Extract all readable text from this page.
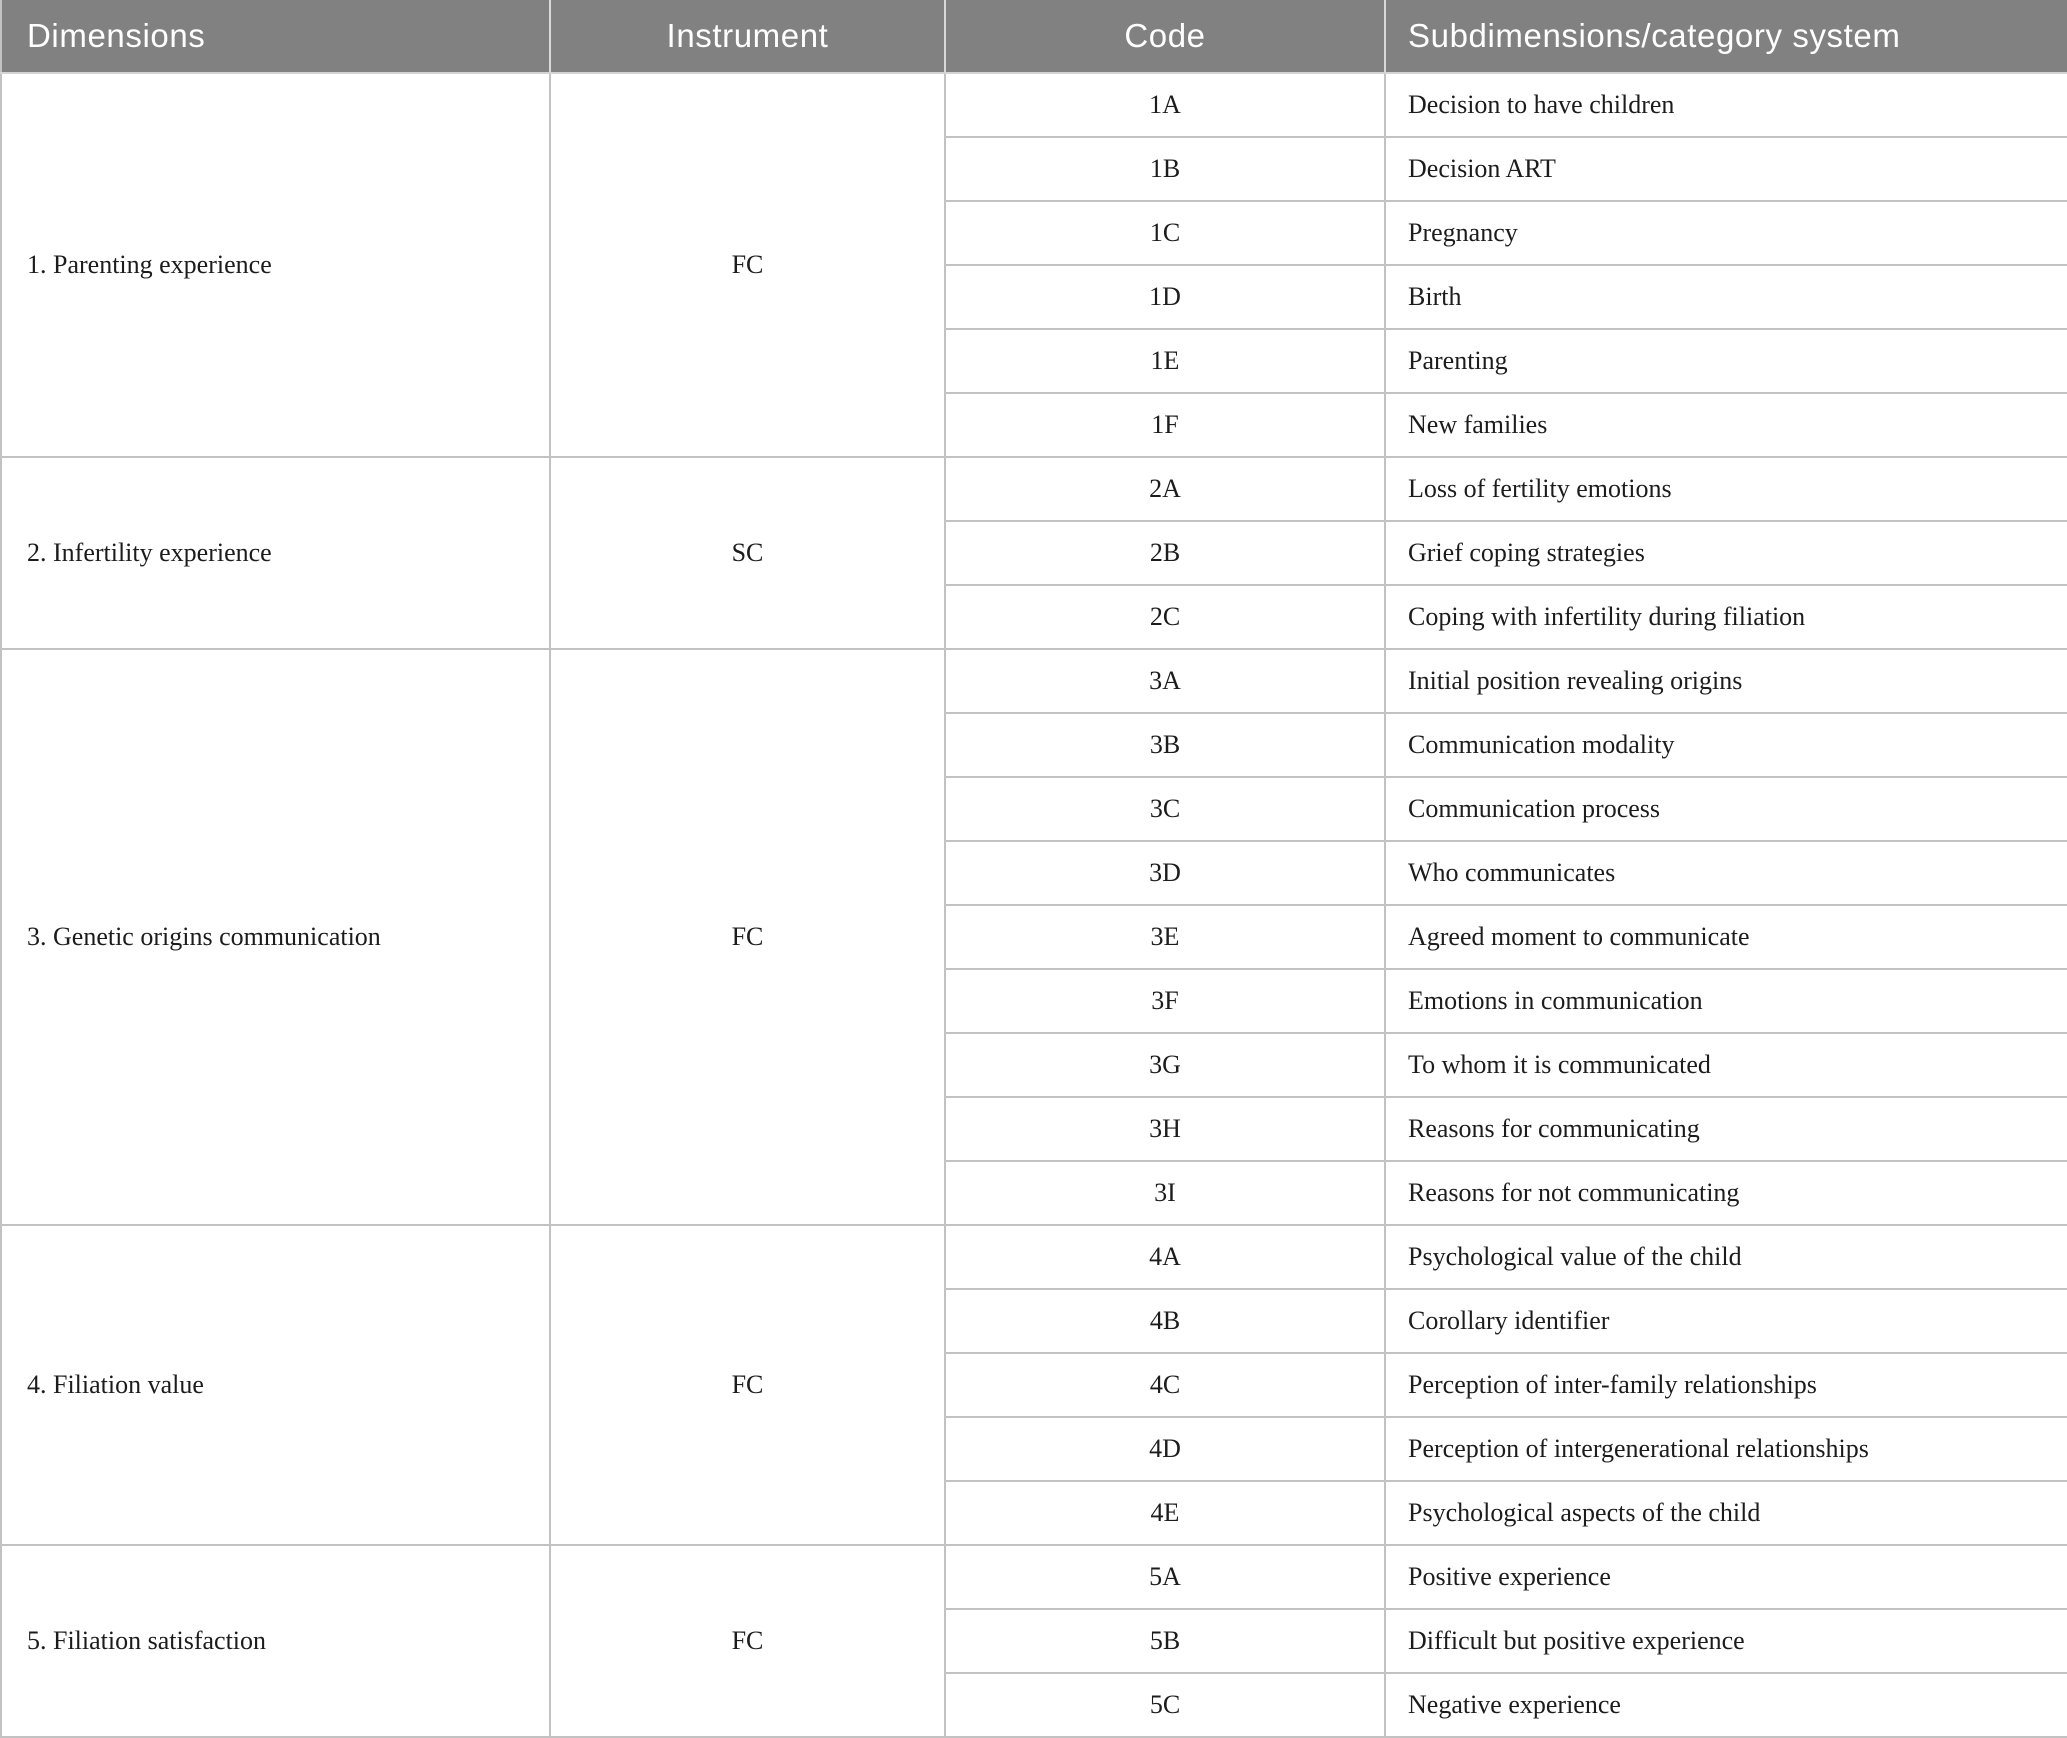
Dimensions	Instrument	Code	Subdimensions/category system
1. Parenting experience	FC	1A	Decision to have children
		1B	Decision ART
		1C	Pregnancy
		1D	Birth
		1E	Parenting
		1F	New families
2. Infertility experience	SC	2A	Loss of fertility emotions
		2B	Grief coping strategies
		2C	Coping with infertility during filiation
3. Genetic origins communication	FC	3A	Initial position revealing origins
		3B	Communication modality
		3C	Communication process
		3D	Who communicates
		3E	Agreed moment to communicate
		3F	Emotions in communication
		3G	To whom it is communicated
		3H	Reasons for communicating
		3I	Reasons for not communicating
4. Filiation value	FC	4A	Psychological value of the child
		4B	Corollary identifier
		4C	Perception of inter-family relationships
		4D	Perception of intergenerational relationships
		4E	Psychological aspects of the child
5. Filiation satisfaction	FC	5A	Positive experience
		5B	Difficult but positive experience
		5C	Negative experience
